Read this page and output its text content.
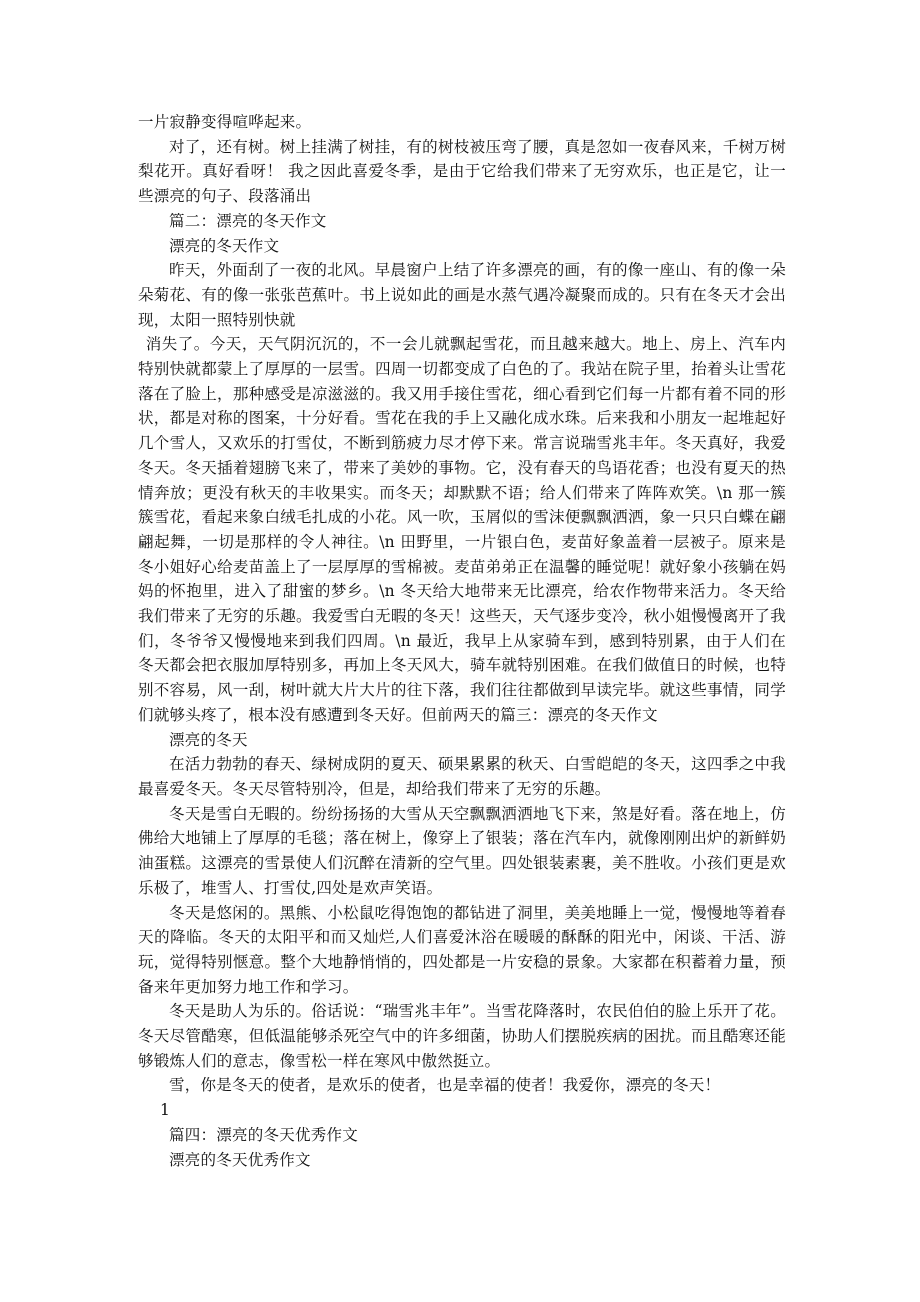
一片寂静变得喧哗起来。

对了，还有树。树上挂满了树挂，有的树枝被压弯了腰，真是忽如一夜春风来，千树万树梨花开。真好看呀！ 我之因此喜爱冬季，是由于它给我们带来了无穷欢乐，也正是它，让一些漂亮的句子、段落涌出

篇二：漂亮的冬天作文

漂亮的冬天作文

昨天，外面刮了一夜的北风。早晨窗户上结了许多漂亮的画，有的像一座山、有的像一朵朵菊花、有的像一张张芭蕉叶。书上说如此的画是水蒸气遇冷凝聚而成的。只有在冬天才会出现，太阳一照特别快就

消失了。今天，天气阴沉沉的，不一会儿就飘起雪花，而且越来越大。地上、房上、汽车内特别快就都蒙上了厚厚的一层雪。四周一切都变成了白色的了。我站在院子里，抬着头让雪花落在了脸上，那种感受是凉滋滋的。我又用手接住雪花，细心看到它们每一片都有着不同的形状，都是对称的图案，十分好看。雪花在我的手上又融化成水珠。后来我和小朋友一起堆起好几个雪人，又欢乐的打雪仗，不断到筋疲力尽才停下来。常言说瑞雪兆丰年。冬天真好，我爱冬天。冬天插着翅膀飞来了，带来了美妙的事物。它，没有春天的鸟语花香；也没有夏天的热情奔放；更没有秋天的丰收果实。而冬天；却默默不语；给人们带来了阵阵欢笑。\n 那一簇簇雪花，看起来象白绒毛扎成的小花。风一吹，玉屑似的雪沫便飘飘洒洒，象一只只白蝶在翩翩起舞，一切是那样的令人神往。\n 田野里，一片银白色，麦苗好象盖着一层被子。原来是冬小姐好心给麦苗盖上了一层厚厚的雪棉被。麦苗弟弟正在温馨的睡觉呢！就好象小孩躺在妈妈的怀抱里，进入了甜蜜的梦乡。\n 冬天给大地带来无比漂亮，给农作物带来活力。冬天给我们带来了无穷的乐趣。我爱雪白无暇的冬天！这些天，天气逐步变冷，秋小姐慢慢离开了我们，冬爷爷又慢慢地来到我们四周。\n 最近，我早上从家骑车到，感到特别累，由于人们在冬天都会把衣服加厚特别多，再加上冬天风大，骑车就特别困难。在我们做值日的时候，也特别不容易，风一刮，树叶就大片大片的往下落，我们往往都做到早读完毕。就这些事情，同学们就够头疼了，根本没有感遭到冬天好。但前两天的篇三：漂亮的冬天作文

漂亮的冬天

在活力勃勃的春天、绿树成阴的夏天、硕果累累的秋天、白雪皑皑的冬天，这四季之中我最喜爱冬天。冬天尽管特别冷，但是，却给我们带来了无穷的乐趣。

冬天是雪白无暇的。纷纷扬扬的大雪从天空飘飘洒洒地飞下来，煞是好看。落在地上，仿佛给大地铺上了厚厚的毛毯；落在树上，像穿上了银装；落在汽车内，就像刚刚出炉的新鲜奶油蛋糕。这漂亮的雪景使人们沉醉在清新的空气里。四处银装素裹，美不胜收。小孩们更是欢乐极了，堆雪人、打雪仗,四处是欢声笑语。

冬天是悠闲的。黑熊、小松鼠吃得饱饱的都钻进了洞里，美美地睡上一觉，慢慢地等着春天的降临。冬天的太阳平和而又灿烂,人们喜爱沐浴在暖暖的酥酥的阳光中，闲谈、干活、游玩，觉得特别惬意。整个大地静悄悄的，四处都是一片安稳的景象。大家都在积蓄着力量，预备来年更加努力地工作和学习。

冬天是助人为乐的。俗话说：“瑞雪兆丰年”。当雪花降落时，农民伯伯的脸上乐开了花。冬天尽管酷寒，但低温能够杀死空气中的许多细菌，协助人们摆脱疾病的困扰。而且酷寒还能够锻炼人们的意志，像雪松一样在寒风中傲然挺立。

雪，你是冬天的使者，是欢乐的使者，也是幸福的使者！我爱你，漂亮的冬天！

1

篇四：漂亮的冬天优秀作文

漂亮的冬天优秀作文
